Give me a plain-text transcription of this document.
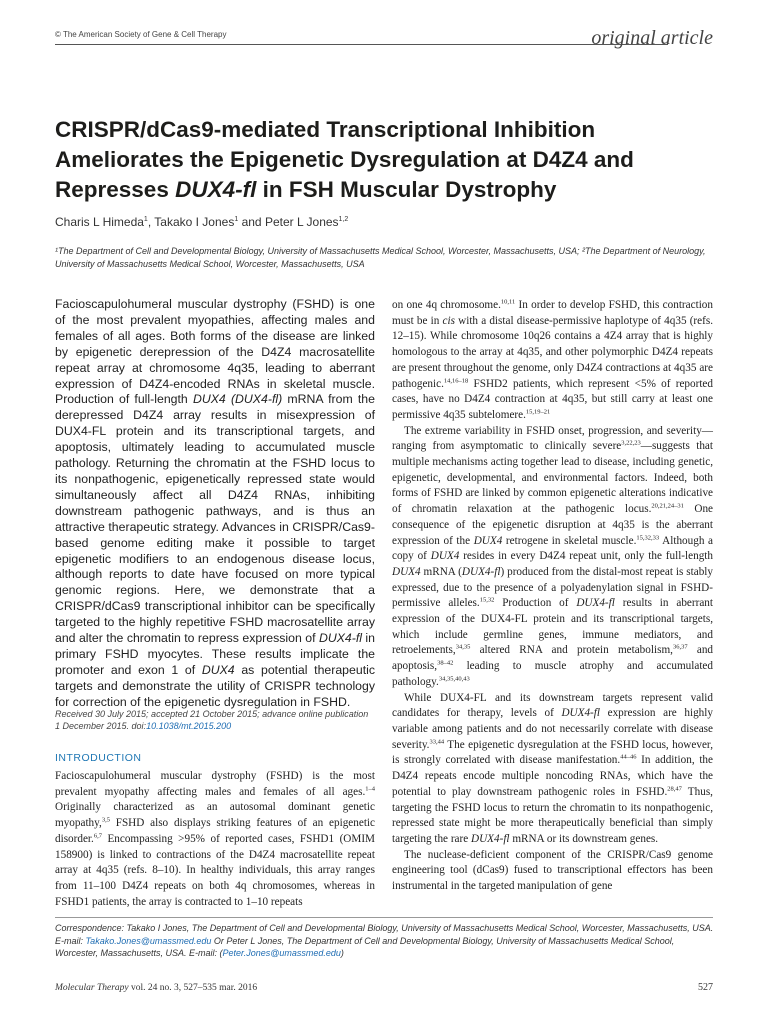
© The American Society of Gene & Cell Therapy	original article
CRISPR/dCas9-mediated Transcriptional Inhibition Ameliorates the Epigenetic Dysregulation at D4Z4 and Represses DUX4-fl in FSH Muscular Dystrophy
Charis L Himeda$^1$, Takako I Jones$^1$ and Peter L Jones$^{1,2}$
¹The Department of Cell and Developmental Biology, University of Massachusetts Medical School, Worcester, Massachusetts, USA; ²The Department of Neurology, University of Massachusetts Medical School, Worcester, Massachusetts, USA

Facioscapulohumeral muscular dystrophy (FSHD) is one of the most prevalent myopathies, affecting males and females of all ages. Both forms of the disease are linked by epigenetic derepression of the D4Z4 macrosatellite repeat array at chromosome 4q35, leading to aberrant expression of D4Z4-encoded RNAs in skeletal muscle. Production of full-length DUX4 (DUX4-fl) mRNA from the derepressed D4Z4 array results in misexpression of DUX4-FL protein and its transcriptional targets, and apoptosis, ultimately leading to accumulated muscle pathology. Returning the chromatin at the FSHD locus to its nonpathogenic, epigenetically repressed state would simultaneously affect all D4Z4 RNAs, inhibiting downstream pathogenic pathways, and is thus an attractive therapeutic strategy. Advances in CRISPR/Cas9-based genome editing make it possible to target epigenetic modifiers to an endogenous disease locus, although reports to date have focused on more typical genomic regions. Here, we demonstrate that a CRISPR/dCas9 transcriptional inhibitor can be specifically targeted to the highly repetitive FSHD macrosatellite array and alter the chromatin to repress expression of DUX4-fl in primary FSHD myocytes. These results implicate the promoter and exon 1 of DUX4 as potential therapeutic targets and demonstrate the utility of CRISPR technology for correction of the epigenetic dysregulation in FSHD.

Received 30 July 2015; accepted 21 October 2015; advance online publication 1 December 2015. doi:10.1038/mt.2015.200
INTRODUCTION

Facioscapulohumeral muscular dystrophy (FSHD) is the most prevalent myopathy affecting males and females of all ages.$^{1-4}$ Originally characterized as an autosomal dominant genetic myopathy,$^{3,5}$ FSHD also displays striking features of an epigenetic disorder.$^{6,7}$ Encompassing >95% of reported cases, FSHD1 (OMIM 158900) is linked to contractions of the D4Z4 macrosatellite repeat array at 4q35 (refs. 8–10). In healthy individuals, this array ranges from 11–100 D4Z4 repeats on both 4q chromosomes, whereas in FSHD1 patients, the array is contracted to 1–10 repeats

on one 4q chromosome.$^{10,11}$ In order to develop FSHD, this contraction must be in cis with a distal disease-permissive haplotype of 4q35 (refs. 12–15). While chromosome 10q26 contains a 4Z4 array that is highly homologous to the array at 4q35, and other polymorphic D4Z4 repeats are present throughout the genome, only D4Z4 contractions at 4q35 are pathogenic.$^{14,16-18}$ FSHD2 patients, which represent <5% of reported cases, have no D4Z4 contraction at 4q35, but still carry at least one permissive 4q35 subtelomere.$^{15,19-21}$

The extreme variability in FSHD onset, progression, and severity—ranging from asymptomatic to clinically severe$^{3,22,23}$—suggests that multiple mechanisms acting together lead to disease, including genetic, epigenetic, developmental, and environmental factors. Indeed, both forms of FSHD are linked by common epigenetic alterations indicative of chromatin relaxation at the pathogenic locus.$^{20,21,24-31}$ One consequence of the epigenetic disruption at 4q35 is the aberrant expression of the DUX4 retrogene in skeletal muscle.$^{15,32,33}$ Although a copy of DUX4 resides in every D4Z4 repeat unit, only the full-length DUX4 mRNA (DUX4-fl) produced from the distal-most repeat is stably expressed, due to the presence of a polyadenylation signal in FSHD-permissive alleles.$^{15,32}$ Production of DUX4-fl results in aberrant expression of the DUX4-FL protein and its transcriptional targets, which include germline genes, immune mediators, and retroelements,$^{34,35}$ altered RNA and protein metabolism,$^{36,37}$ and apoptosis,$^{38-42}$ leading to muscle atrophy and accumulated pathology.$^{34,35,40,43}$

While DUX4-FL and its downstream targets represent valid candidates for therapy, levels of DUX4-fl expression are highly variable among patients and do not necessarily correlate with disease severity.$^{33,44}$ The epigenetic dysregulation at the FSHD locus, however, is strongly correlated with disease manifestation.$^{44-46}$ In addition, the D4Z4 repeats encode multiple noncoding RNAs, which have the potential to play downstream pathogenic roles in FSHD.$^{28,47}$ Thus, targeting the FSHD locus to return the chromatin to its nonpathogenic, repressed state might be more therapeutically beneficial than simply targeting the rare DUX4-fl mRNA or its downstream genes.

The nuclease-deficient component of the CRISPR/Cas9 genome engineering tool (dCas9) fused to transcriptional effectors has been instrumental in the targeted manipulation of gene

Correspondence: Takako I Jones, The Department of Cell and Developmental Biology, University of Massachusetts Medical School, Worcester, Massachusetts, USA. E-mail: Takako.Jones@umassmed.edu Or Peter L Jones, The Department of Cell and Developmental Biology, University of Massachusetts Medical School, Worcester, Massachusetts, USA. E-mail: (Peter.Jones@umassmed.edu)
Molecular Therapy vol. 24 no. 3, 527–535 mar. 2016	527
